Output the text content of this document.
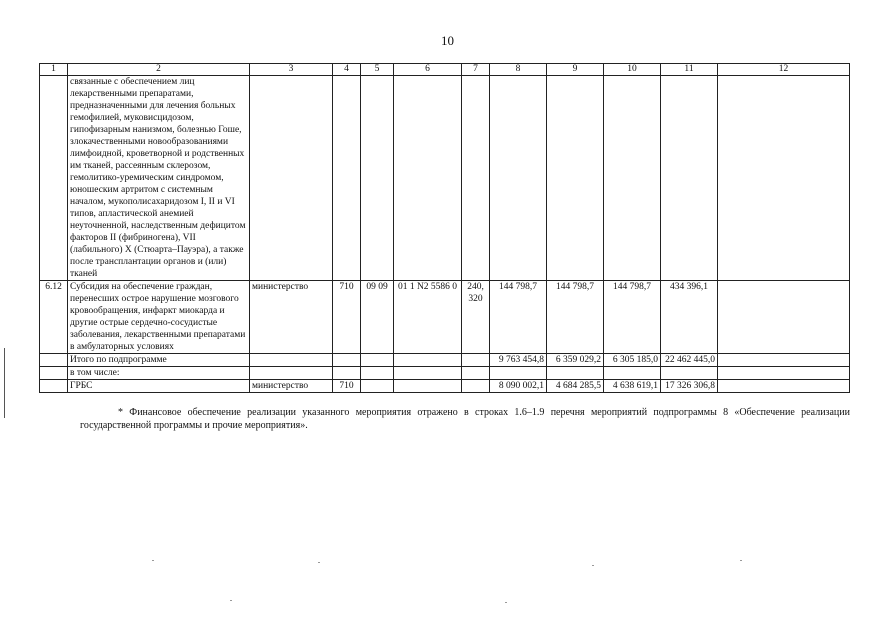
10
1	2	3	4	5	6	7	8	9	10	11	12
	связанные с обеспечением лиц лекарственными препаратами, предназначенными для лечения больных гемофилией, муковисцидозом, гипофизарным нанизмом, болезнью Гоше, злокачественными новообразованиями лимфоидной, кроветворной и родственных им тканей, рассеянным склерозом, гемолитико-уремическим синдромом, юношеским артритом с системным началом, мукополисахаридозом I, II и VI типов, апластической анемией неуточненной, наследственным дефицитом факторов II (фибриногена), VII (лабильного) X (Стюарта–Пауэра), а также после трансплантации органов и (или) тканей										
6.12	Субсидия на обеспечение граждан, перенесших острое нарушение мозгового кровообращения, инфаркт миокарда и другие острые сердечно-сосудистые заболевания, лекарственными препаратами в амбулаторных условиях	министерство	710	09 09	01 1 N2 5586 0	240, 320	144 798,7	144 798,7	144 798,7	434 396,1	
	Итого по подпрограмме						9 763 454,8	6 359 029,2	6 305 185,0	22 462 445,0	
	в том числе:										
	ГРБС	министерство	710				8 090 002,1	4 684 285,5	4 638 619,1	17 326 306,8	
* Финансовое обеспечение реализации указанного мероприятия отражено в строках 1.6–1.9 перечня мероприятий подпрограммы 8 «Обеспечение реализации государственной программы и прочие мероприятия».
